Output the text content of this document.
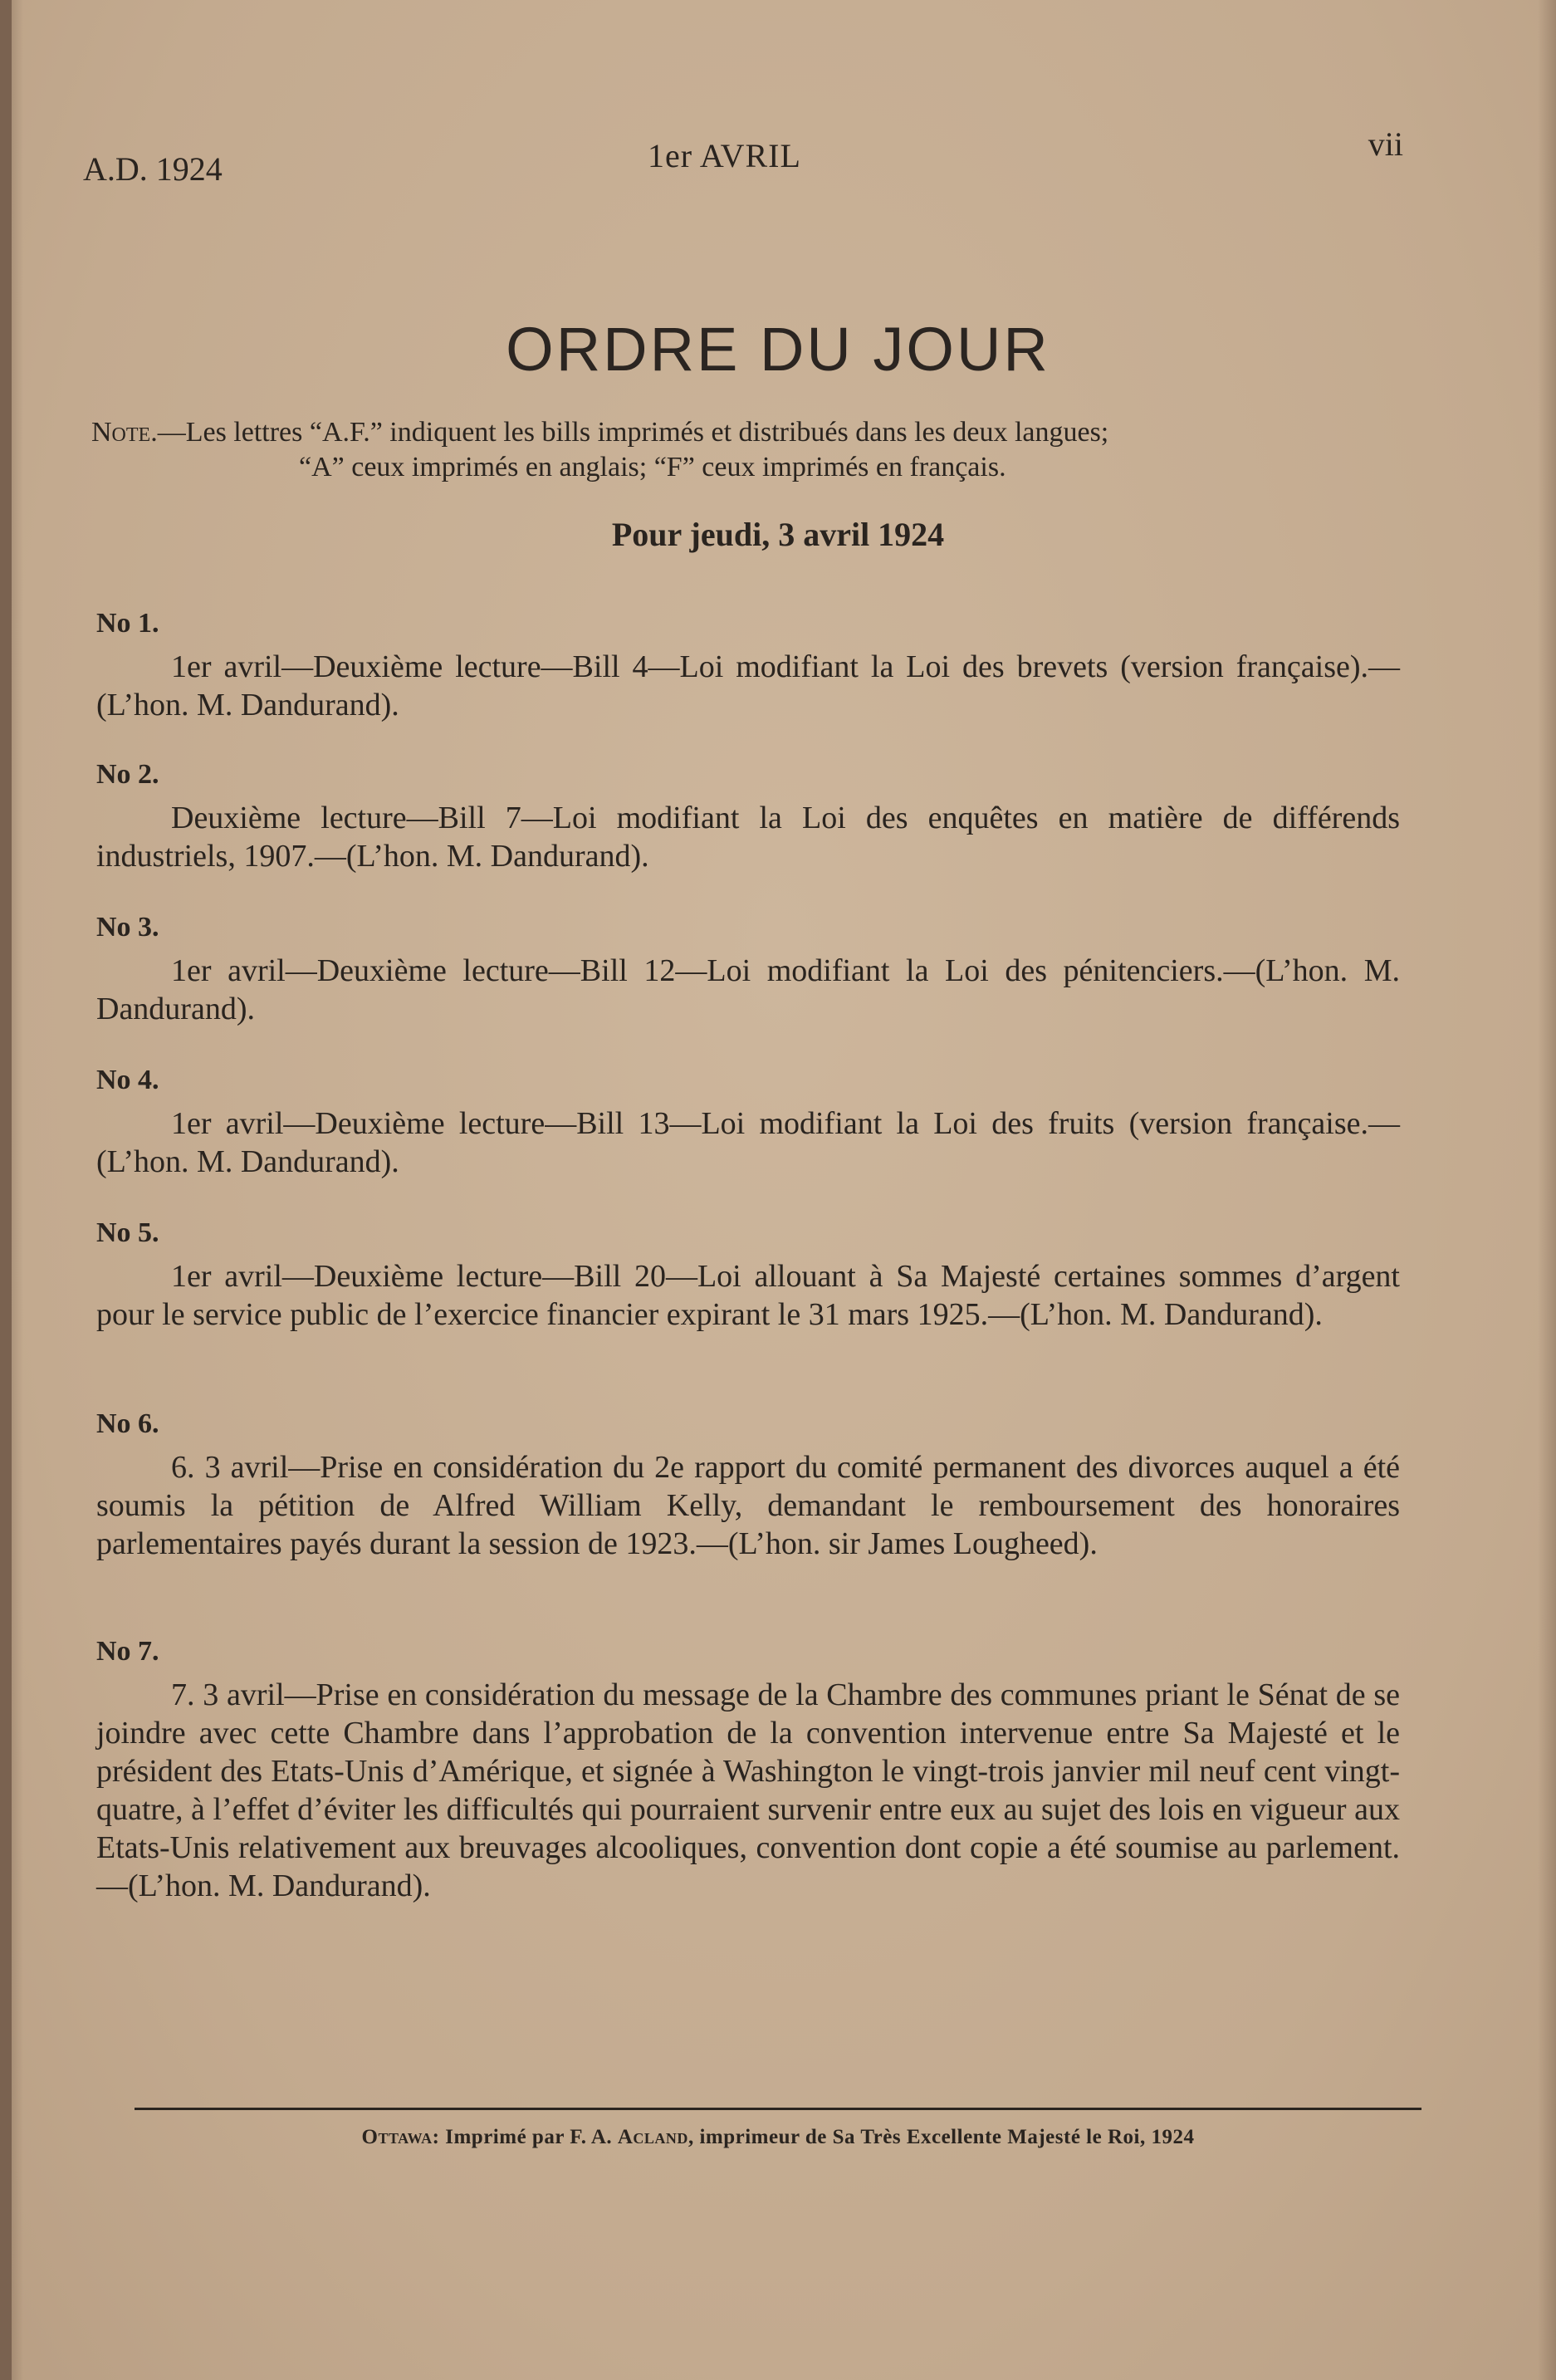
A.D. 1924	1er AVRIL	vii
ORDRE DU JOUR
Note.—Les lettres “A.F.” indiquent les bills imprimés et distribués dans les deux langues;
“A” ceux imprimés en anglais; “F” ceux imprimés en français.
Pour jeudi, 3 avril 1924
No 1.
1er avril—Deuxième lecture—Bill 4—Loi modifiant la Loi des brevets (version française).—(L’hon. M. Dandurand).
No 2.
Deuxième lecture—Bill 7—Loi modifiant la Loi des enquêtes en matière de différends industriels, 1907.—(L’hon. M. Dandurand).
No 3.
1er avril—Deuxième lecture—Bill 12—Loi modifiant la Loi des pénitenciers.—(L’hon. M. Dandurand).
No 4.
1er avril—Deuxième lecture—Bill 13—Loi modifiant la Loi des fruits (version française.—(L’hon. M. Dandurand).
No 5.
1er avril—Deuxième lecture—Bill 20—Loi allouant à Sa Majesté certaines sommes d’argent pour le service public de l’exercice financier expirant le 31 mars 1925.—(L’hon. M. Dandurand).
No 6.
6. 3 avril—Prise en considération du 2e rapport du comité permanent des divorces auquel a été soumis la pétition de Alfred William Kelly, demandant le remboursement des honoraires parlementaires payés durant la session de 1923.—(L’hon. sir James Lougheed).
No 7.
7. 3 avril—Prise en considération du message de la Chambre des communes priant le Sénat de se joindre avec cette Chambre dans l’approbation de la convention intervenue entre Sa Majesté et le président des Etats-Unis d’Amérique, et signée à Washington le vingt-trois janvier mil neuf cent vingt-quatre, à l’effet d’éviter les difficultés qui pourraient survenir entre eux au sujet des lois en vigueur aux Etats-Unis relativement aux breuvages alcooliques, convention dont copie a été soumise au parlement.—(L’hon. M. Dandurand).
Ottawa: Imprimé par F. A. Acland, imprimeur de Sa Très Excellente Majesté le Roi, 1924
